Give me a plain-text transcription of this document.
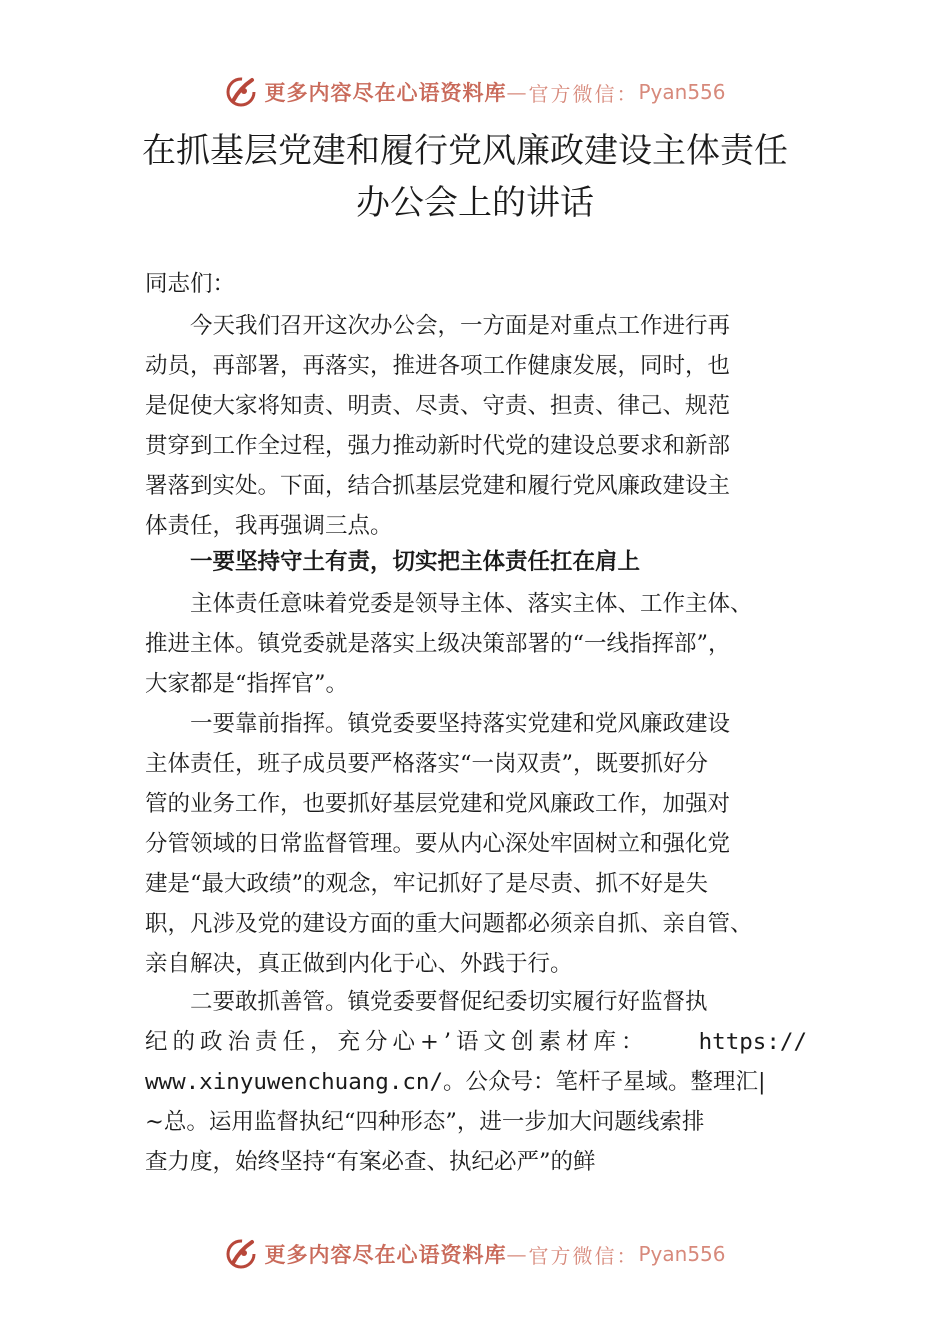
更多内容尽在心语资料库 — 官方微信： Pyan556
在抓基层党建和履行党风廉政建设主体责任
办公会上的讲话

同志们：

今天我们召开这次办公会，一方面是对重点工作进行再
动员，再部署，再落实，推进各项工作健康发展，同时，也
是促使大家将知责、明责、尽责、守责、担责、律己、规范
贯穿到工作全过程，强力推动新时代党的建设总要求和新部
署落到实处。下面，结合抓基层党建和履行党风廉政建设主
体责任，我再强调三点。
一要坚持守土有责，切实把主体责任扛在肩上
主体责任意味着党委是领导主体、落实主体、工作主体、
推进主体。镇党委就是落实上级决策部署的“一线指挥部”，
大家都是“指挥官”。
一要靠前指挥。镇党委要坚持落实党建和党风廉政建设
主体责任，班子成员要严格落实“一岗双责”，既要抓好分
管的业务工作，也要抓好基层党建和党风廉政工作，加强对
分管领域的日常监督管理。要从内心深处牢固树立和强化党
建是“最大政绩”的观念，牢记抓好了是尽责、抓不好是失
职，凡涉及党的建设方面的重大问题都必须亲自抓、亲自管、
亲自解决，真正做到内化于心、外践于行。
二要敢抓善管。镇党委要督促纪委切实履行好监督执
纪的政治责任，充分心+’语文创素材库： https://
www.xinyuwenchuang.cn/。公众号：笔杆子星域。整理汇|
~总。运用监督执纪“四种形态”，进一步加大问题线索排
查力度，始终坚持“有案必查、执纪必严”的鲜
更多内容尽在心语资料库 — 官方微信： Pyan556
